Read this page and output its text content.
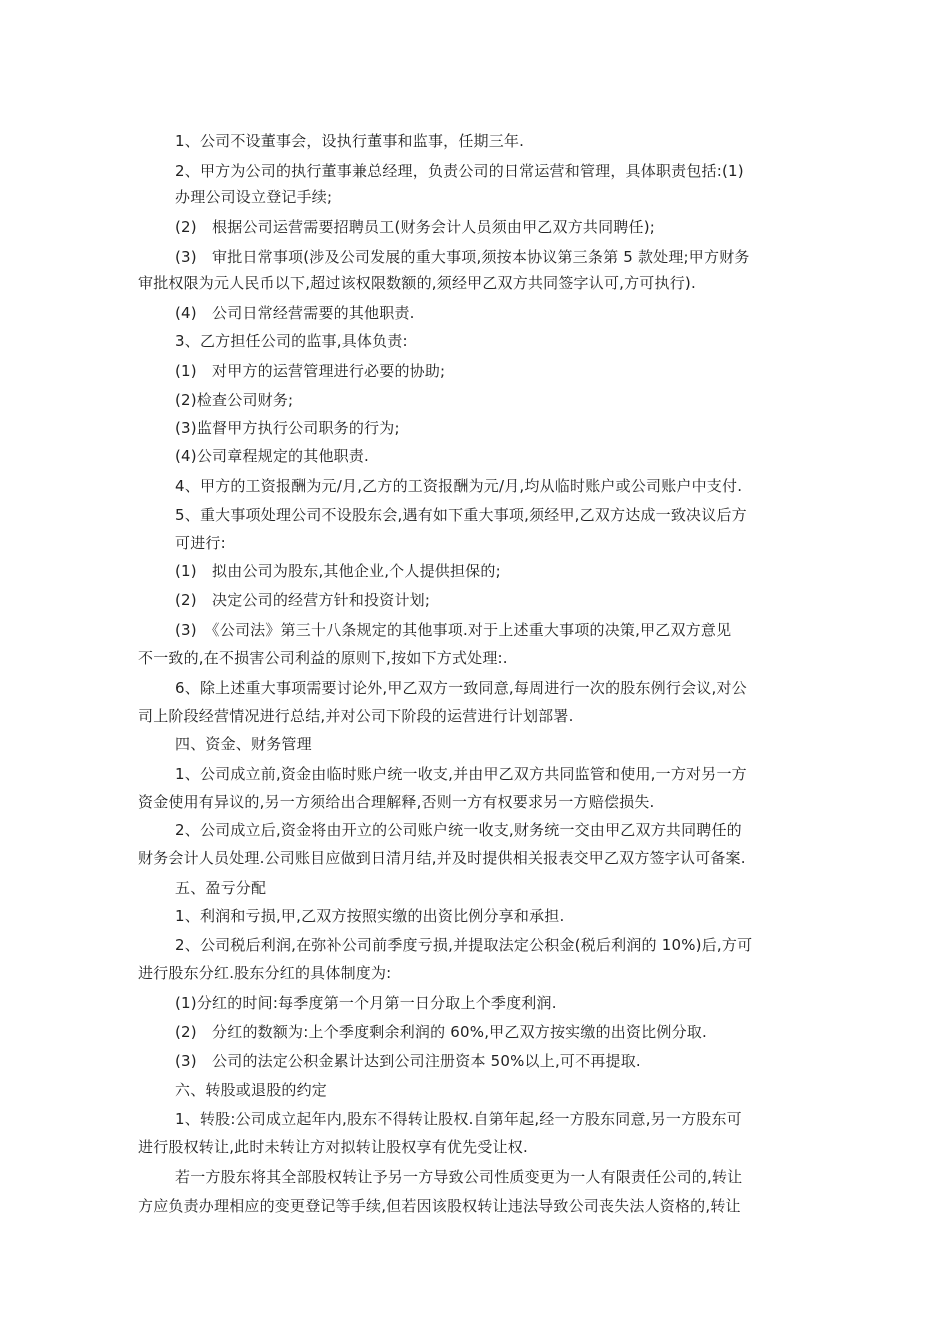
1、公司不设董事会，设执行董事和监事，任期三年.
2、甲方为公司的执行董事兼总经理，负责公司的日常运营和管理，具体职责包括:(1)
办理公司设立登记手续;
(2)　根据公司运营需要招聘员工(财务会计人员须由甲乙双方共同聘任);
(3)　审批日常事项(涉及公司发展的重大事项,须按本协议第三条第 5 款处理;甲方财务
审批权限为元人民币以下,超过该权限数额的,须经甲乙双方共同签字认可,方可执行).
(4)　公司日常经营需要的其他职责.
3、乙方担任公司的监事,具体负责:
(1)　对甲方的运营管理进行必要的协助;
(2)检查公司财务;
(3)监督甲方执行公司职务的行为;
(4)公司章程规定的其他职责.
4、甲方的工资报酬为元/月,乙方的工资报酬为元/月,均从临时账户或公司账户中支付.
5、重大事项处理公司不设股东会,遇有如下重大事项,须经甲,乙双方达成一致决议后方
可进行:
(1)　拟由公司为股东,其他企业,个人提供担保的;
(2)　决定公司的经营方针和投资计划;
(3)　《公司法》第三十八条规定的其他事项.对于上述重大事项的决策,甲乙双方意见
不一致的,在不损害公司利益的原则下,按如下方式处理:.
6、除上述重大事项需要讨论外,甲乙双方一致同意,每周进行一次的股东例行会议,对公
司上阶段经营情况进行总结,并对公司下阶段的运营进行计划部署.
四、资金、财务管理
1、公司成立前,资金由临时账户统一收支,并由甲乙双方共同监管和使用,一方对另一方
资金使用有异议的,另一方须给出合理解释,否则一方有权要求另一方赔偿损失.
2、公司成立后,资金将由开立的公司账户统一收支,财务统一交由甲乙双方共同聘任的
财务会计人员处理.公司账目应做到日清月结,并及时提供相关报表交甲乙双方签字认可备案.
五、盈亏分配
1、利润和亏损,甲,乙双方按照实缴的出资比例分享和承担.
2、公司税后利润,在弥补公司前季度亏损,并提取法定公积金(税后利润的 10%)后,方可
进行股东分红.股东分红的具体制度为:
(1)分红的时间:每季度第一个月第一日分取上个季度利润.
(2)　分红的数额为:上个季度剩余利润的 60%,甲乙双方按实缴的出资比例分取.
(3)　公司的法定公积金累计达到公司注册资本 50%以上,可不再提取.
六、转股或退股的约定
1、转股:公司成立起年内,股东不得转让股权.自第年起,经一方股东同意,另一方股东可
进行股权转让,此时未转让方对拟转让股权享有优先受让权.
若一方股东将其全部股权转让予另一方导致公司性质变更为一人有限责任公司的,转让
方应负责办理相应的变更登记等手续,但若因该股权转让违法导致公司丧失法人资格的,转让
